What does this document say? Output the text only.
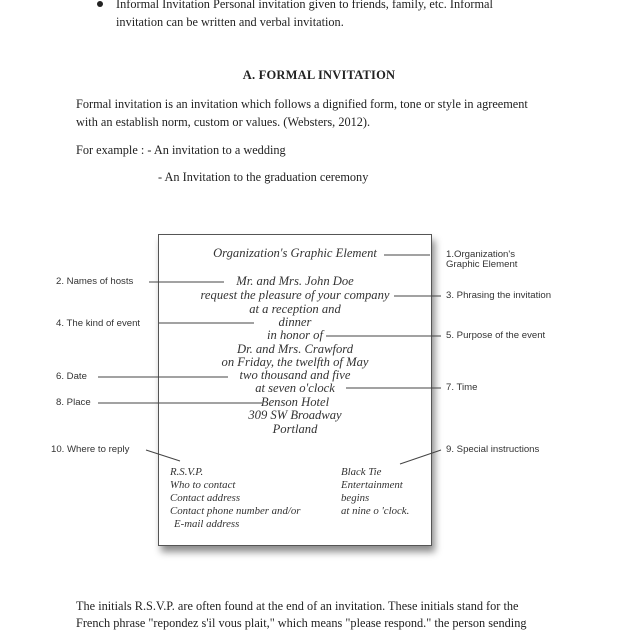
Informal Invitation Personal invitation given to friends, family, etc. Informal
invitation can be written and verbal invitation.
A. FORMAL INVITATION
Formal invitation is an invitation which follows a dignified form, tone or style in agreement
with an establish norm, custom or values. (Websters, 2012).
For example : - An invitation to a wedding
- An Invitation to the graduation ceremony
Organization's Graphic Element
Mr. and Mrs. John Doe
request the pleasure of your company
at a reception and
dinner
in honor of
Dr. and Mrs. Crawford
on Friday, the twelfth of May
two thousand and five
at seven o'clock
Benson Hotel
309 SW Broadway
Portland
R.S.V.P.
Who to contact
Contact address
Contact phone number and/or
E-mail address
Black Tie
Entertainment
begins
at nine o 'clock.
1.Organization's
Graphic Element
2. Names of hosts
3. Phrasing the invitation
4. The kind of event
5. Purpose of the event
6. Date
7. Time
8. Place
9. Special instructions
10. Where to reply
The initials R.S.V.P. are often found at the end of an invitation. These initials stand for the
French phrase "repondez s'il vous plait," which means "please respond." the person sending
